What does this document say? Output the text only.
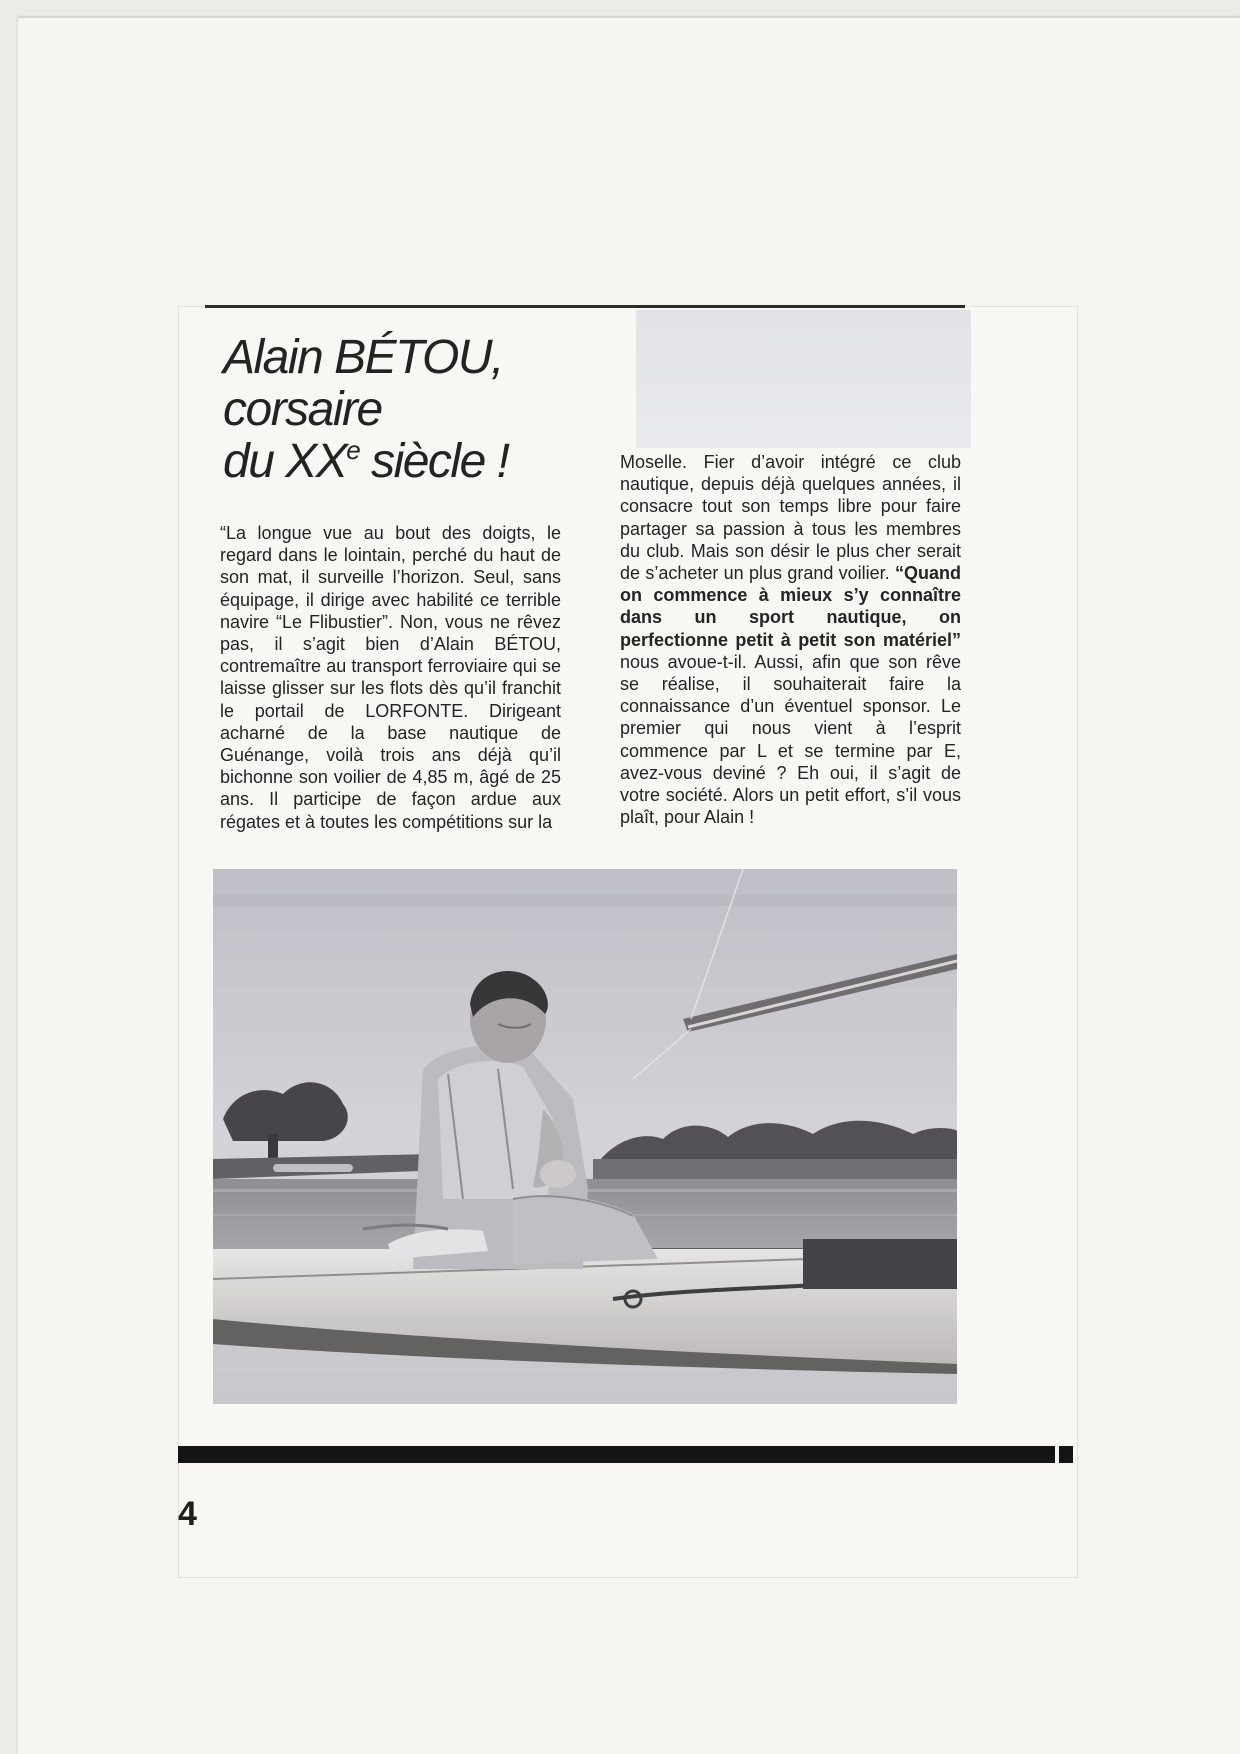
Alain BÉTOU,
corsaire
du XXe siècle !

“La longue vue au bout des doigts, le regard dans le lointain, perché du haut de son mat, il surveille l’horizon. Seul, sans équipage, il dirige avec habilité ce terrible navire “Le Flibustier”. Non, vous ne rêvez pas, il s’agit bien d’Alain BÉTOU, contremaître au transport ferroviaire qui se laisse glisser sur les flots dès qu’il franchit le portail de LORFONTE. Dirigeant acharné de la base nautique de Guénange, voilà trois ans déjà qu’il bichonne son voilier de 4,85 m, âgé de 25 ans. Il participe de façon ardue aux régates et à toutes les compétitions sur la

Moselle. Fier d’avoir intégré ce club nautique, depuis déjà quelques années, il consacre tout son temps libre pour faire partager sa passion à tous les membres du club. Mais son désir le plus cher serait de s’acheter un plus grand voilier. “Quand on commence à mieux s’y connaître dans un sport nautique, on perfectionne petit à petit son matériel” nous avoue-t-il. Aussi, afin que son rêve se réalise, il souhaiterait faire la connaissance d’un éventuel sponsor. Le premier qui nous vient à l’esprit commence par L et se termine par E, avez-vous deviné ? Eh oui, il s’agit de votre société. Alors un petit effort, s’il vous plaît, pour Alain !

4
